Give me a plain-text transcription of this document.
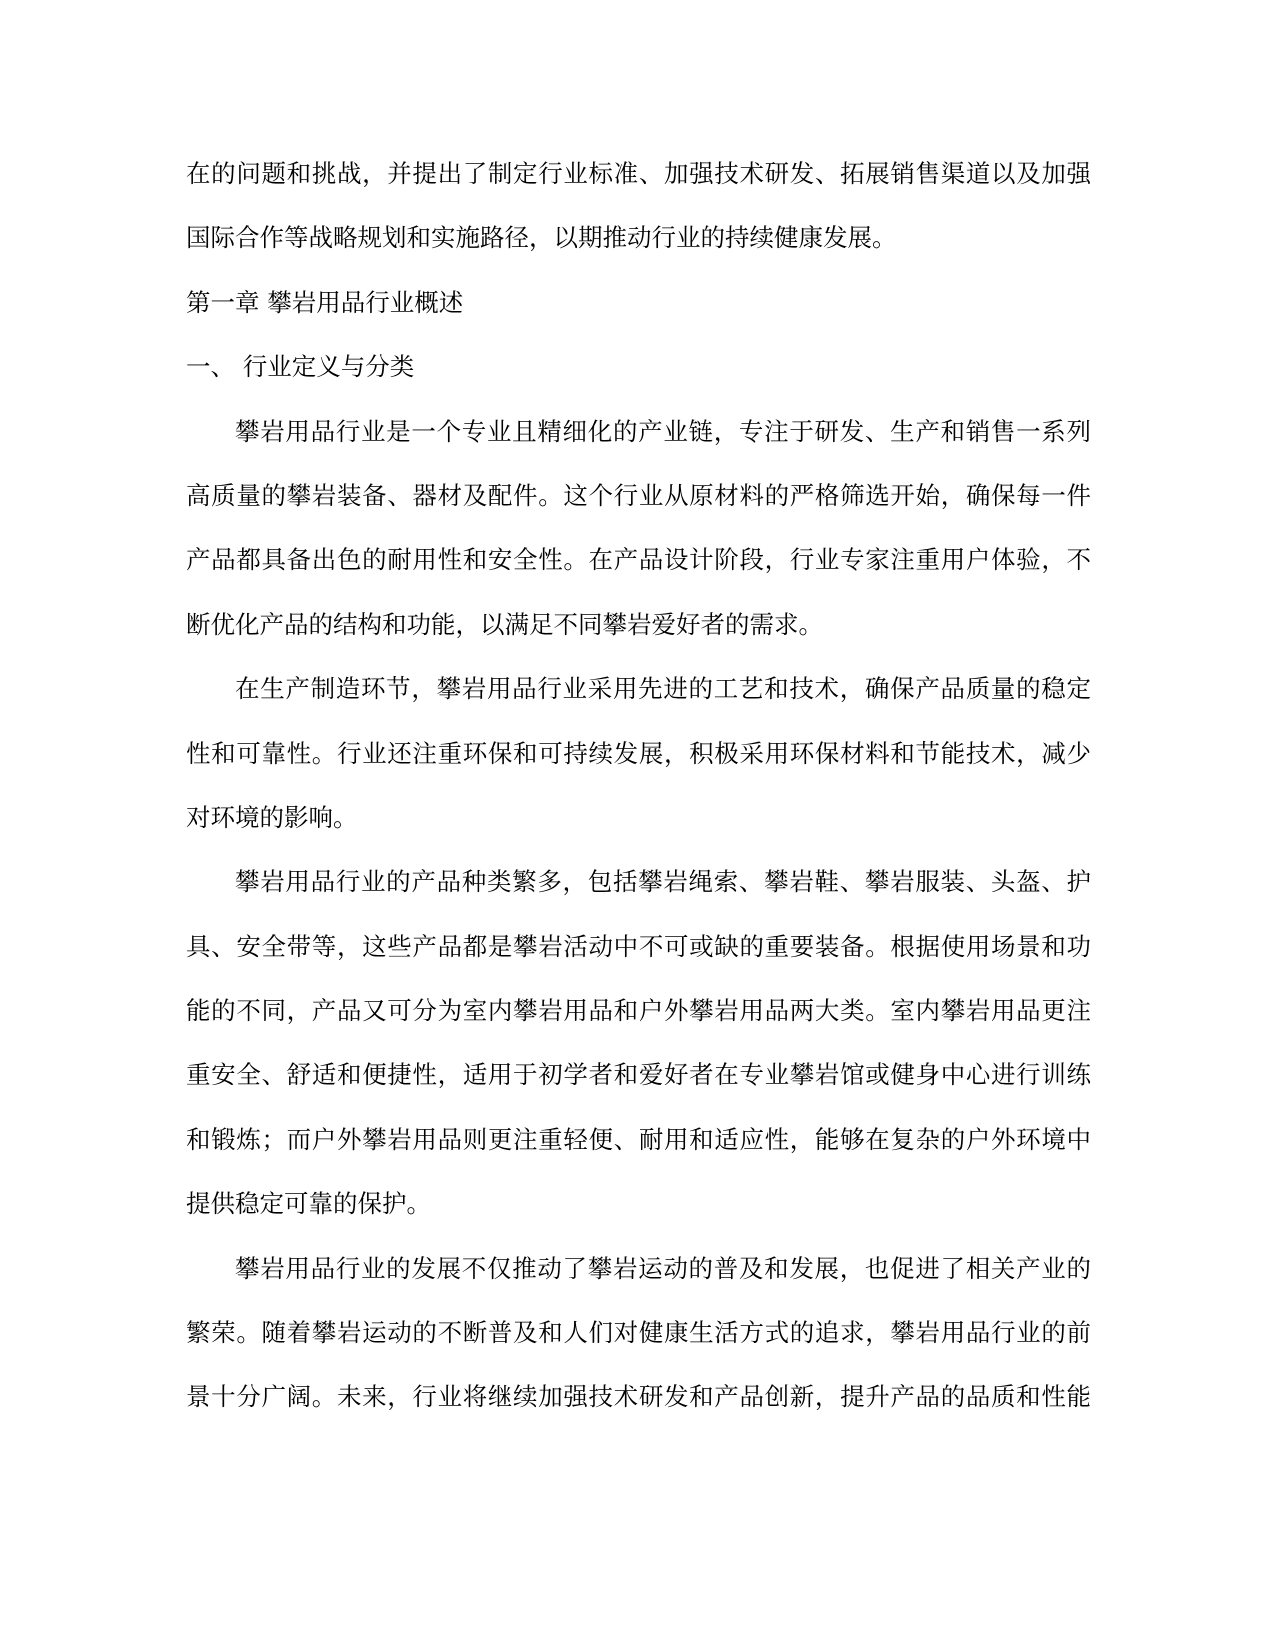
在的问题和挑战，并提出了制定行业标准、加强技术研发、拓展销售渠道以及加强
国际合作等战略规划和实施路径，以期推动行业的持续健康发展。
第一章 攀岩用品行业概述
一、 行业定义与分类
攀岩用品行业是一个专业且精细化的产业链，专注于研发、生产和销售一系列
高质量的攀岩装备、器材及配件。这个行业从原材料的严格筛选开始，确保每一件
产品都具备出色的耐用性和安全性。在产品设计阶段，行业专家注重用户体验，不
断优化产品的结构和功能，以满足不同攀岩爱好者的需求。
在生产制造环节，攀岩用品行业采用先进的工艺和技术，确保产品质量的稳定
性和可靠性。行业还注重环保和可持续发展，积极采用环保材料和节能技术，减少
对环境的影响。
攀岩用品行业的产品种类繁多，包括攀岩绳索、攀岩鞋、攀岩服装、头盔、护
具、安全带等，这些产品都是攀岩活动中不可或缺的重要装备。根据使用场景和功
能的不同，产品又可分为室内攀岩用品和户外攀岩用品两大类。室内攀岩用品更注
重安全、舒适和便捷性，适用于初学者和爱好者在专业攀岩馆或健身中心进行训练
和锻炼；而户外攀岩用品则更注重轻便、耐用和适应性，能够在复杂的户外环境中
提供稳定可靠的保护。
攀岩用品行业的发展不仅推动了攀岩运动的普及和发展，也促进了相关产业的
繁荣。随着攀岩运动的不断普及和人们对健康生活方式的追求，攀岩用品行业的前
景十分广阔。未来，行业将继续加强技术研发和产品创新，提升产品的品质和性能
